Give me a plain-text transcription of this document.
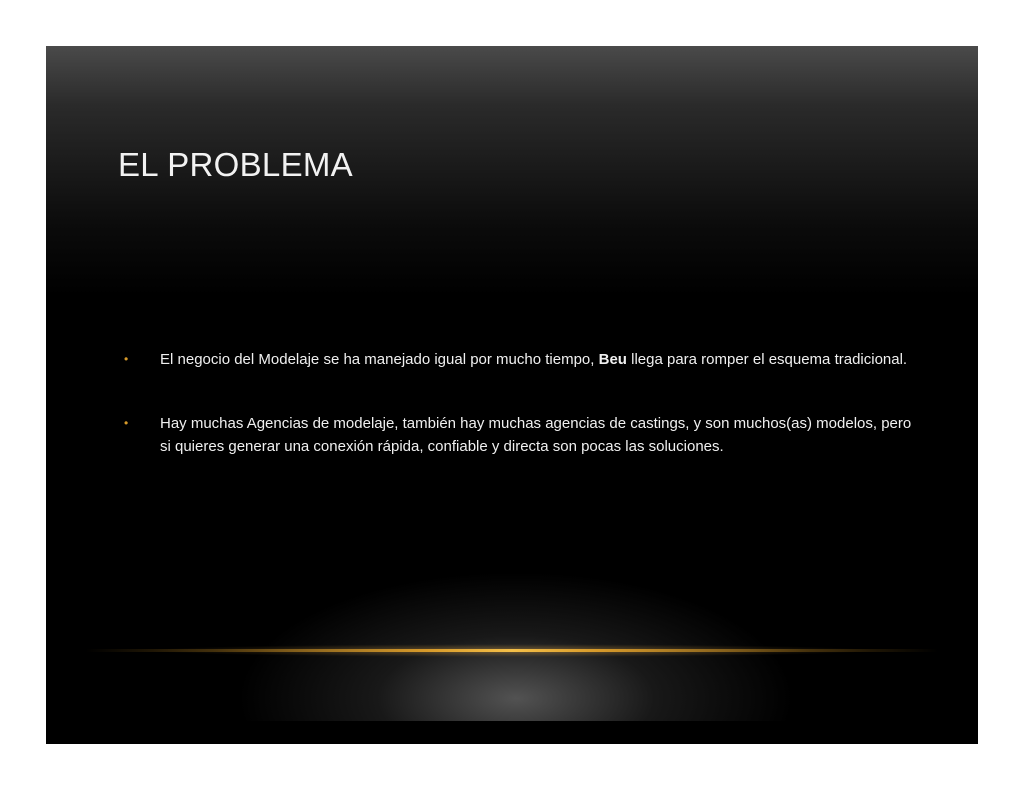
EL PROBLEMA
• El negocio del Modelaje se ha manejado igual por mucho tiempo, Beu llega para romper el esquema tradicional.
• Hay muchas Agencias de modelaje, también hay muchas agencias de castings, y son muchos(as) modelos, pero si quieres generar una conexión rápida, confiable y directa son pocas las soluciones.
